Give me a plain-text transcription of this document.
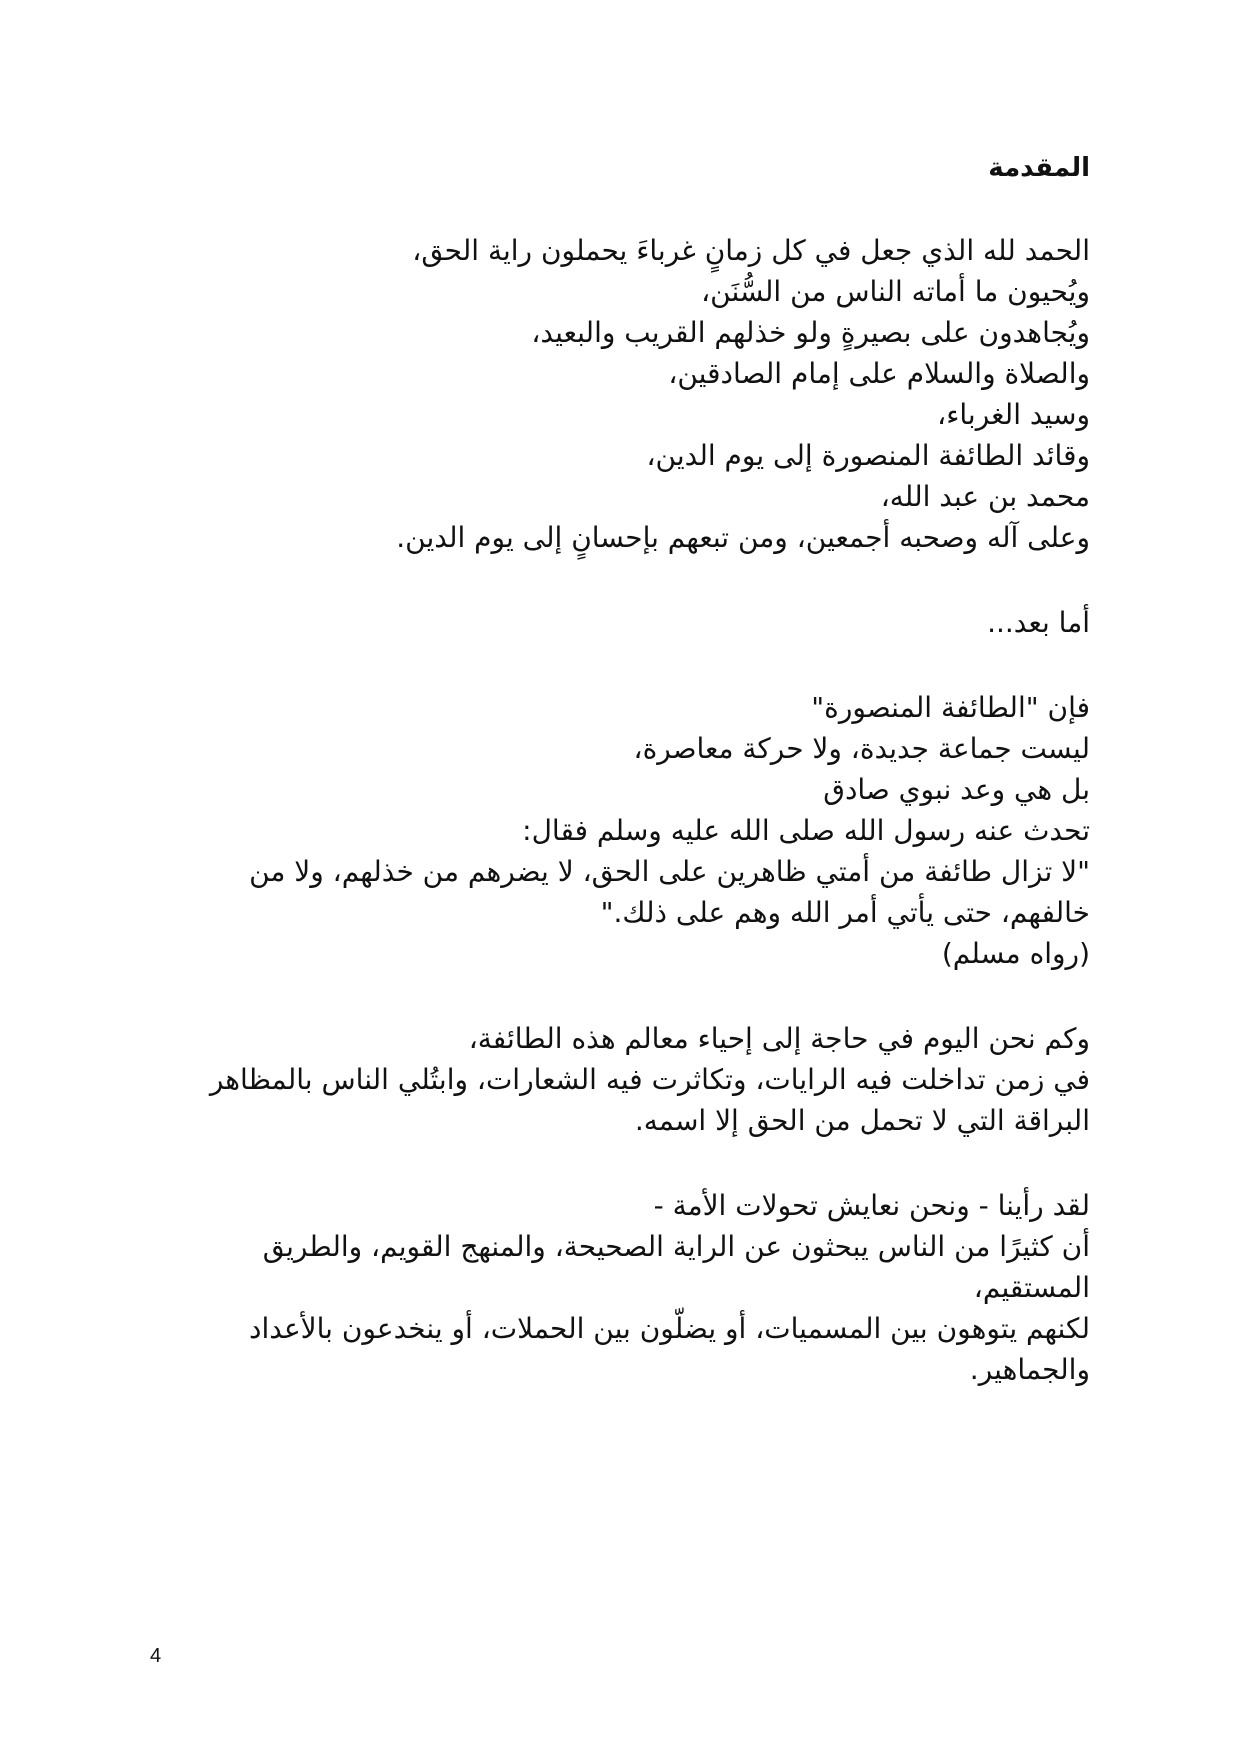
المقدمة
الحمد لله الذي جعل في كل زمانٍ غرباءَ يحملون راية الحق،
ويُحيون ما أماته الناس من السُّنَن،
ويُجاهدون على بصيرةٍ ولو خذلهم القريب والبعيد،
والصلاة والسلام على إمام الصادقين،
وسيد الغرباء،
وقائد الطائفة المنصورة إلى يوم الدين،
محمد بن عبد الله،
وعلى آله وصحبه أجمعين، ومن تبعهم بإحسانٍ إلى يوم الدين.
أما بعد...
فإن "الطائفة المنصورة"
ليست جماعة جديدة، ولا حركة معاصرة،
بل هي وعد نبوي صادق
تحدث عنه رسول الله صلى الله عليه وسلم فقال:
"لا تزال طائفة من أمتي ظاهرين على الحق، لا يضرهم من خذلهم، ولا من
خالفهم، حتى يأتي أمر الله وهم على ذلك."
(رواه مسلم)
وكم نحن اليوم في حاجة إلى إحياء معالم هذه الطائفة،
في زمن تداخلت فيه الرايات، وتكاثرت فيه الشعارات، وابتُلي الناس بالمظاهر
البراقة التي لا تحمل من الحق إلا اسمه.
لقد رأينا - ونحن نعايش تحولات الأمة -
أن كثيرًا من الناس يبحثون عن الراية الصحيحة، والمنهج القويم، والطريق
المستقيم،
لكنهم يتوهون بين المسميات، أو يضلّون بين الحملات، أو ينخدعون بالأعداد
والجماهير.
4
